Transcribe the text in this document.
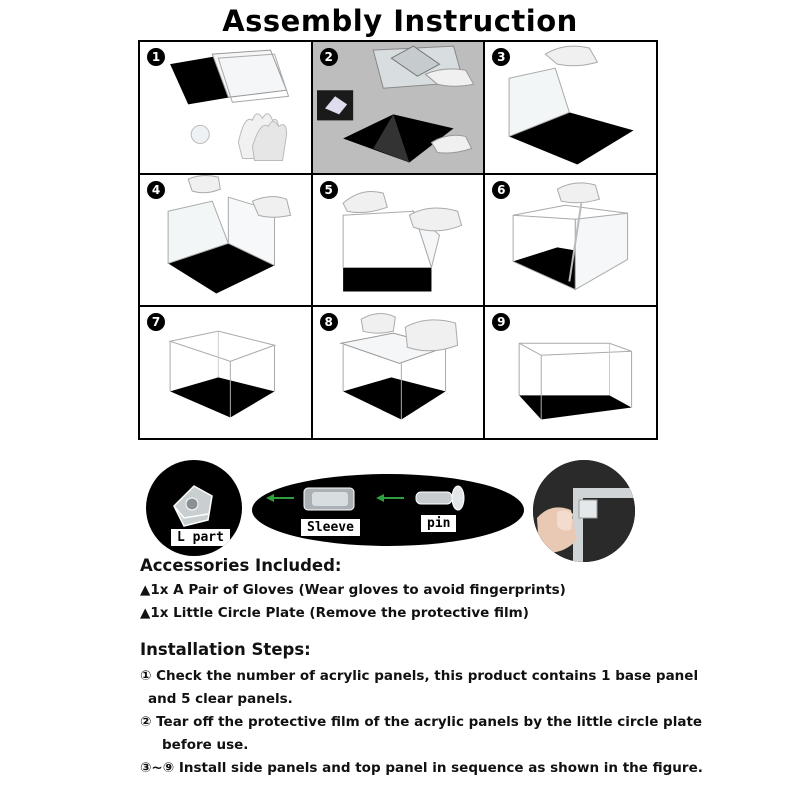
Assembly Instruction
1	2	3
4	5	6
7	8	9
L part
Sleeve	pin
Accessories Included:
▲1x A Pair of Gloves (Wear gloves to avoid fingerprints)
▲1x Little Circle Plate (Remove the protective film)
Installation Steps:
① Check the number of acrylic panels, this product contains 1 base panel
and 5 clear panels.
② Tear off the protective film of the acrylic panels by the little circle plate
before use.
③~⑨ Install side panels and top panel in sequence as shown in the figure.
